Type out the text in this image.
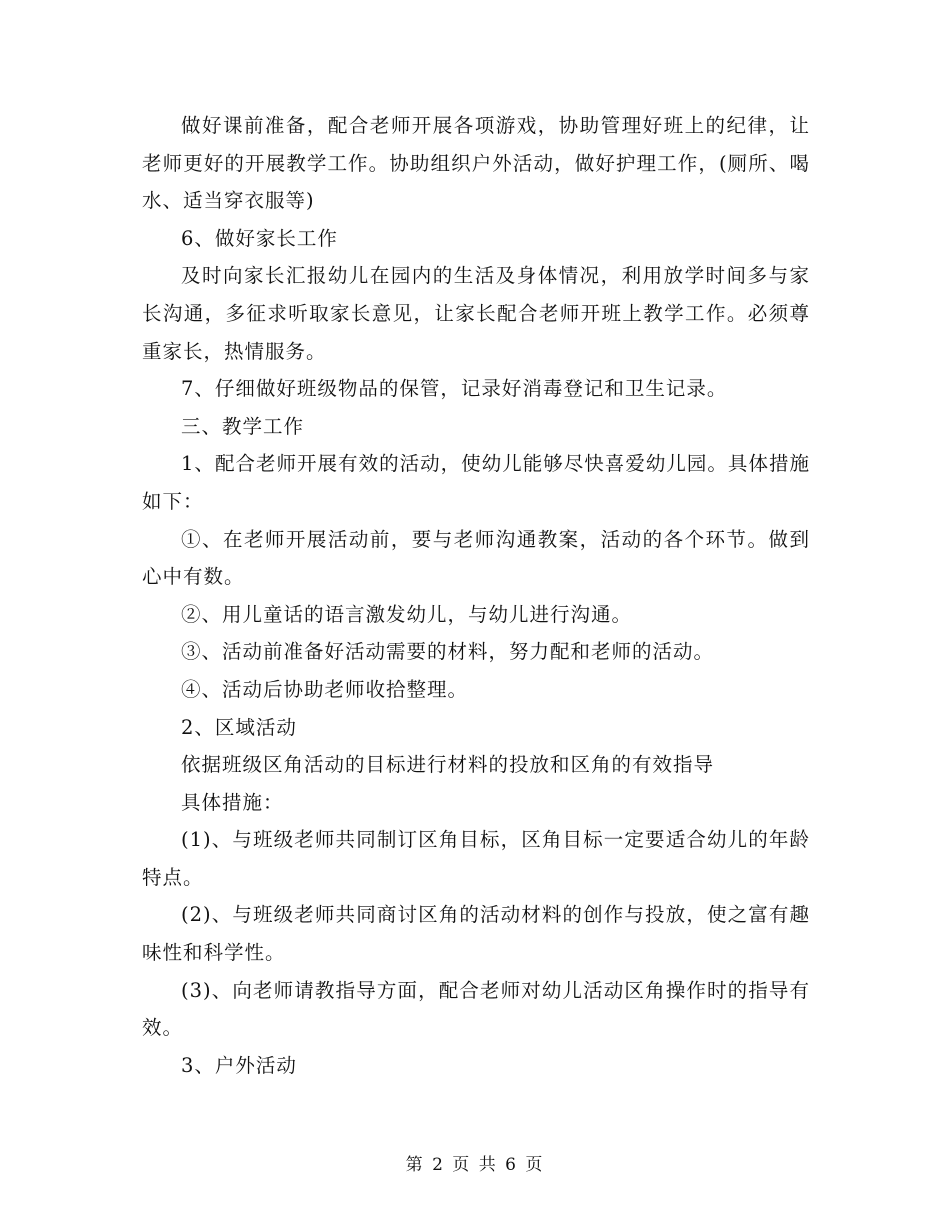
做好课前准备，配合老师开展各项游戏，协助管理好班上的纪律，让老师更好的开展教学工作。协助组织户外活动，做好护理工作，(厕所、喝水、适当穿衣服等)

6、做好家长工作

及时向家长汇报幼儿在园内的生活及身体情况，利用放学时间多与家长沟通，多征求听取家长意见，让家长配合老师开班上教学工作。必须尊重家长，热情服务。

7、仔细做好班级物品的保管，记录好消毒登记和卫生记录。

三、教学工作

1、配合老师开展有效的活动，使幼儿能够尽快喜爱幼儿园。具体措施如下：

①、在老师开展活动前，要与老师沟通教案，活动的各个环节。做到心中有数。

②、用儿童话的语言激发幼儿，与幼儿进行沟通。

③、活动前准备好活动需要的材料，努力配和老师的活动。

④、活动后协助老师收拾整理。

2、区域活动

依据班级区角活动的目标进行材料的投放和区角的有效指导

具体措施：

(1)、与班级老师共同制订区角目标，区角目标一定要适合幼儿的年龄特点。

(2)、与班级老师共同商讨区角的活动材料的创作与投放，使之富有趣味性和科学性。

(3)、向老师请教指导方面，配合老师对幼儿活动区角操作时的指导有效。

3、户外活动

第 2 页 共 6 页
